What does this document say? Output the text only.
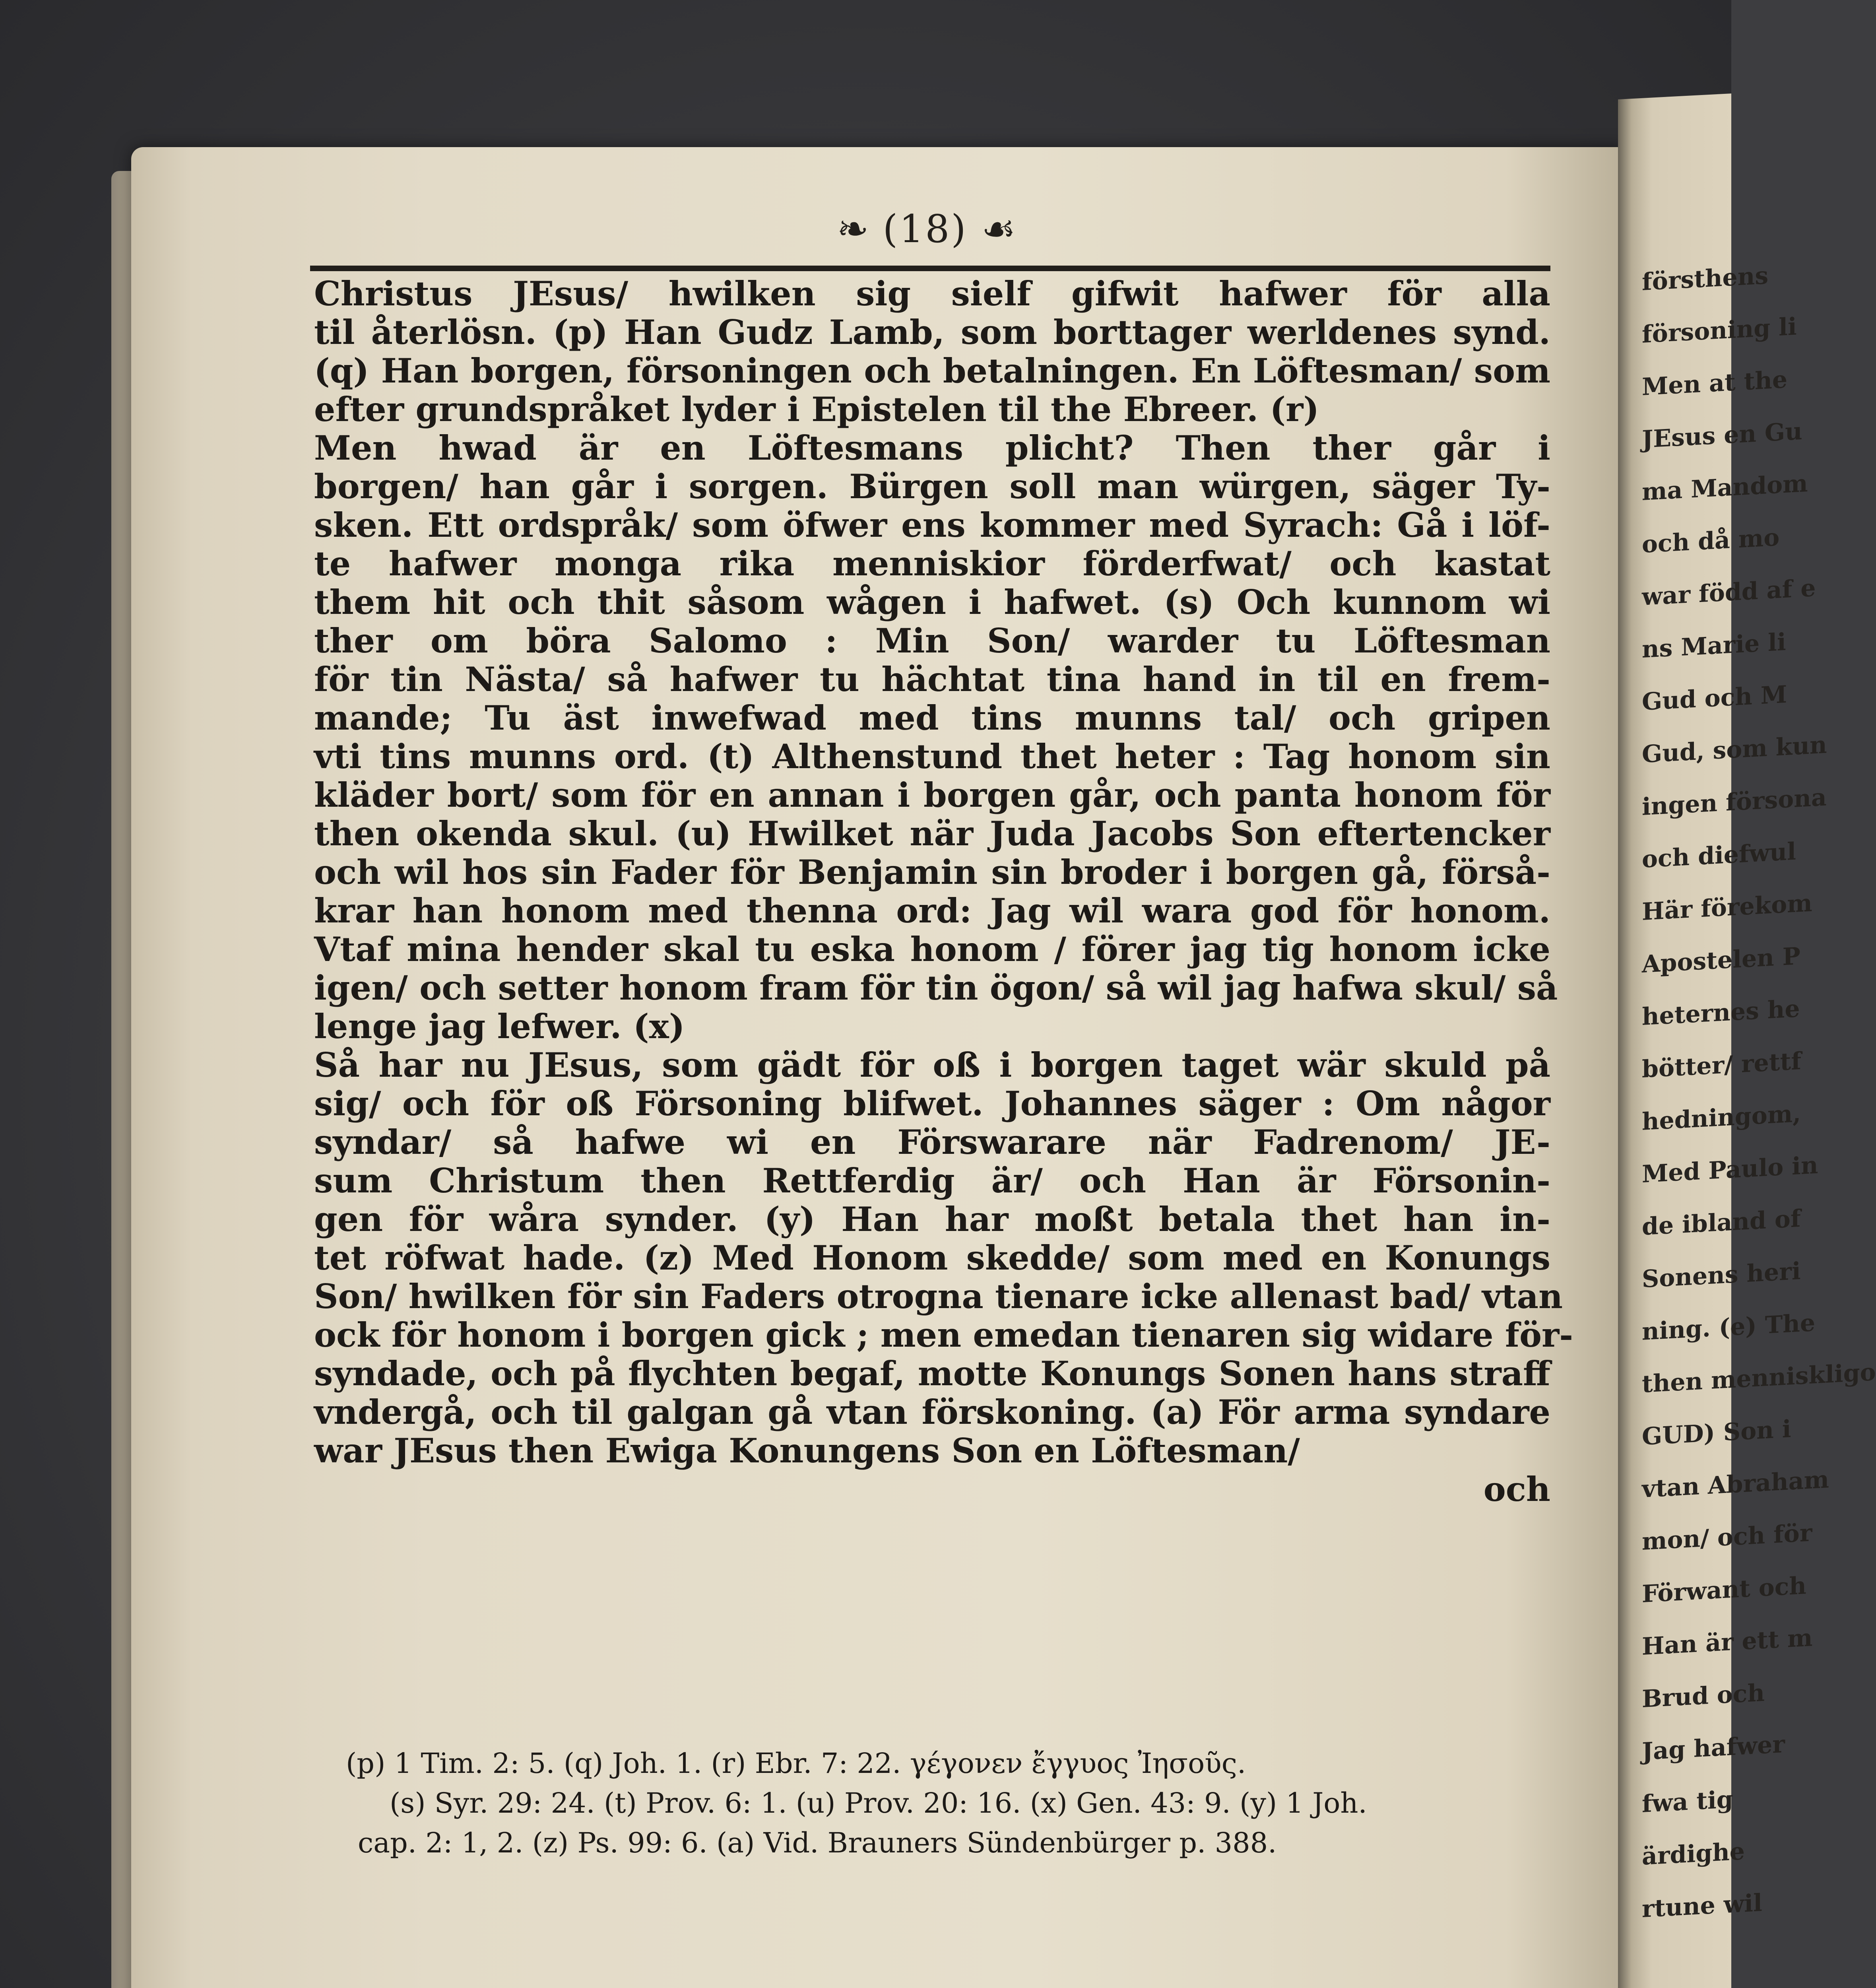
❧ (18) ☙
Christus JEsus/ hwilken sig sielf gifwit hafwer för alla
til återlösn. (p) Han Gudz Lamb, som borttager werldenes synd.
(q) Han borgen, försoningen och betalningen. En Löftesman/ som
efter grundspråket lyder i Epistelen til the Ebreer. (r)
Men hwad är en Löftesmans plicht? Then ther går i
borgen/ han går i sorgen. Bürgen soll man würgen, säger Ty-
sken. Ett ordspråk/ som öfwer ens kommer med Syrach: Gå i löf-
te hafwer monga rika menniskior förderfwat/ och kastat
them hit och thit såsom wågen i hafwet. (s) Och kunnom wi
ther om böra Salomo : Min Son/ warder tu Löftesman
för tin Nästa/ så hafwer tu hächtat tina hand in til en frem-
mande; Tu äst inwefwad med tins munns tal/ och gripen
vti tins munns ord. (t) Althenstund thet heter : Tag honom sin
kläder bort/ som för en annan i borgen går, och panta honom för
then okenda skul. (u) Hwilket när Juda Jacobs Son eftertencker
och wil hos sin Fader för Benjamin sin broder i borgen gå, förså-
krar han honom med thenna ord: Jag wil wara god för honom.
Vtaf mina hender skal tu eska honom / förer jag tig honom icke
igen/ och setter honom fram för tin ögon/ så wil jag hafwa skul/ så
lenge jag lefwer. (x)
Så har nu JEsus, som gädt för oß i borgen taget wär skuld på
sig/ och för oß Försoning blifwet. Johannes säger : Om någor
syndar/ så hafwe wi en Förswarare när Fadrenom/ JE-
sum Christum then Rettferdig är/ och Han är Försonin-
gen för wåra synder. (y) Han har moßt betala thet han in-
tet röfwat hade. (z) Med Honom skedde/ som med en Konungs
Son/ hwilken för sin Faders otrogna tienare icke allenast bad/ vtan
ock för honom i borgen gick ; men emedan tienaren sig widare för-
syndade, och på flychten begaf, motte Konungs Sonen hans straff
vndergå, och til galgan gå vtan förskoning. (a) För arma syndare
war JEsus then Ewiga Konungens Son en Löftesman/
och
(p) 1 Tim. 2: 5. (q) Joh. 1. (r) Ebr. 7: 22. γέγονεν ἔγγυος Ἰησοῦς.
(s) Syr. 29: 24. (t) Prov. 6: 1. (u) Prov. 20: 16. (x) Gen. 43: 9. (y) 1 Joh.
cap. 2: 1, 2. (z) Ps. 99: 6. (a) Vid. Brauners Sündenbürger p. 388.
försthens
försoning li
Men at the
JEsus en Gu
ma Mandom
och då mo
war född af e
ns Marie li
Gud och M
Gud, som kun
ingen försona
och diefwul
Här förekom
Apostelen P
heternes he
bötter/ rettf
hedningom,
Med Paulo in
de ibland of
Sonens heri
ning. (e) The
then menniskligo
GUD) Son i
vtan Abraham
mon/ och för
Förwant och
Han är ett m
Brud och
Jag hafwer
fwa tig
ärdighe
rtune wil
